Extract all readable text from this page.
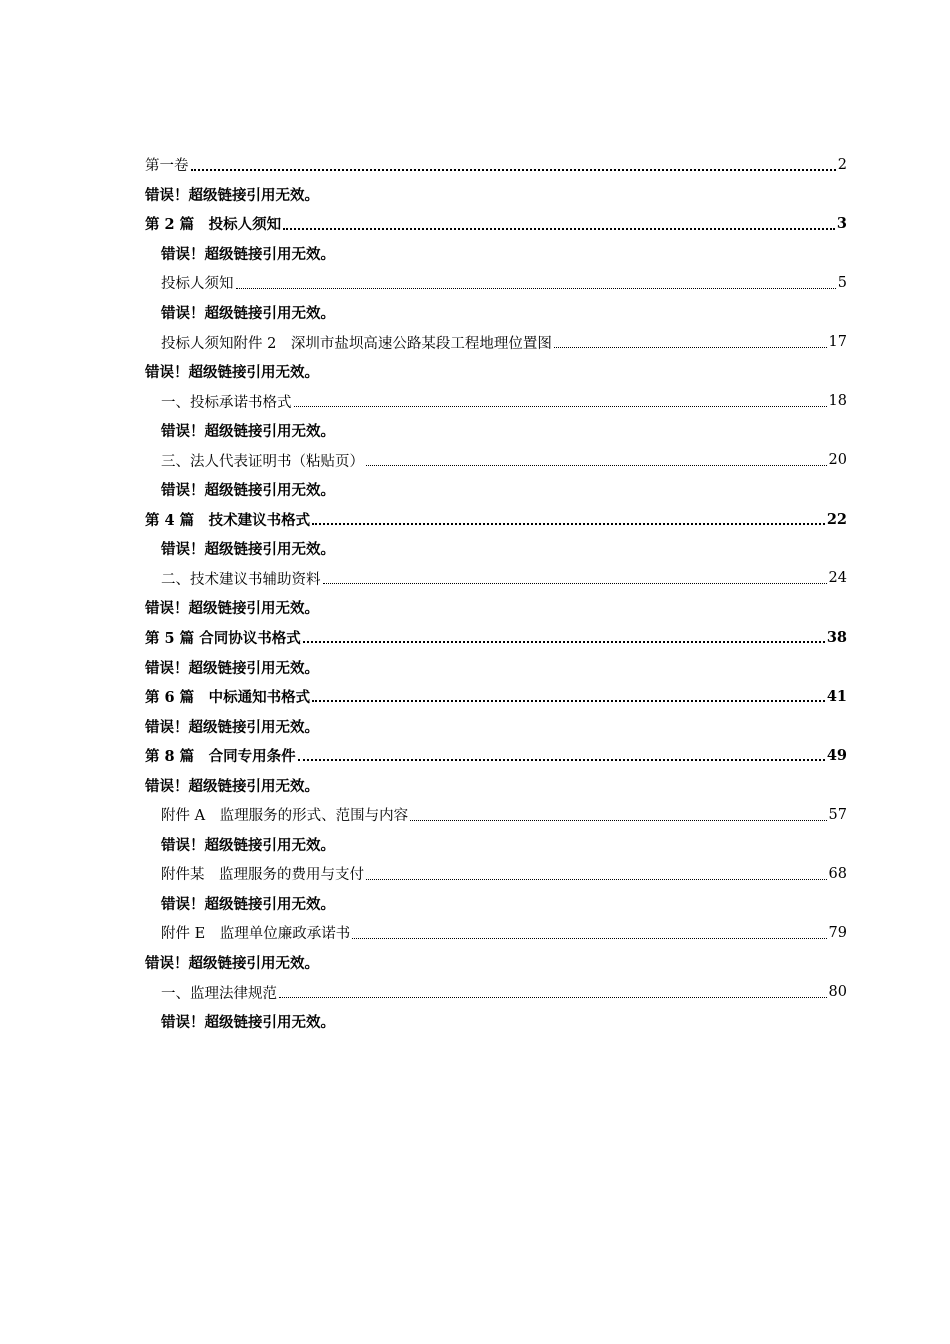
第一卷	2
错误！超级链接引用无效。
第 2 篇　投标人须知	3
错误！超级链接引用无效。
投标人须知	5
错误！超级链接引用无效。
投标人须知附件 2　深圳市盐坝高速公路某段工程地理位置图	17
错误！超级链接引用无效。
一、投标承诺书格式	18
错误！超级链接引用无效。
三、法人代表证明书（粘贴页）	20
错误！超级链接引用无效。
第 4 篇　技术建议书格式	22
错误！超级链接引用无效。
二、技术建议书辅助资料	24
错误！超级链接引用无效。
第 5 篇 合同协议书格式	38
错误！超级链接引用无效。
第 6 篇　中标通知书格式	41
错误！超级链接引用无效。
第 8 篇　合同专用条件	49
错误！超级链接引用无效。
附件 A　监理服务的形式、范围与内容	57
错误！超级链接引用无效。
附件某　监理服务的费用与支付	68
错误！超级链接引用无效。
附件 E　监理单位廉政承诺书	79
错误！超级链接引用无效。
一、监理法律规范	80
错误！超级链接引用无效。
